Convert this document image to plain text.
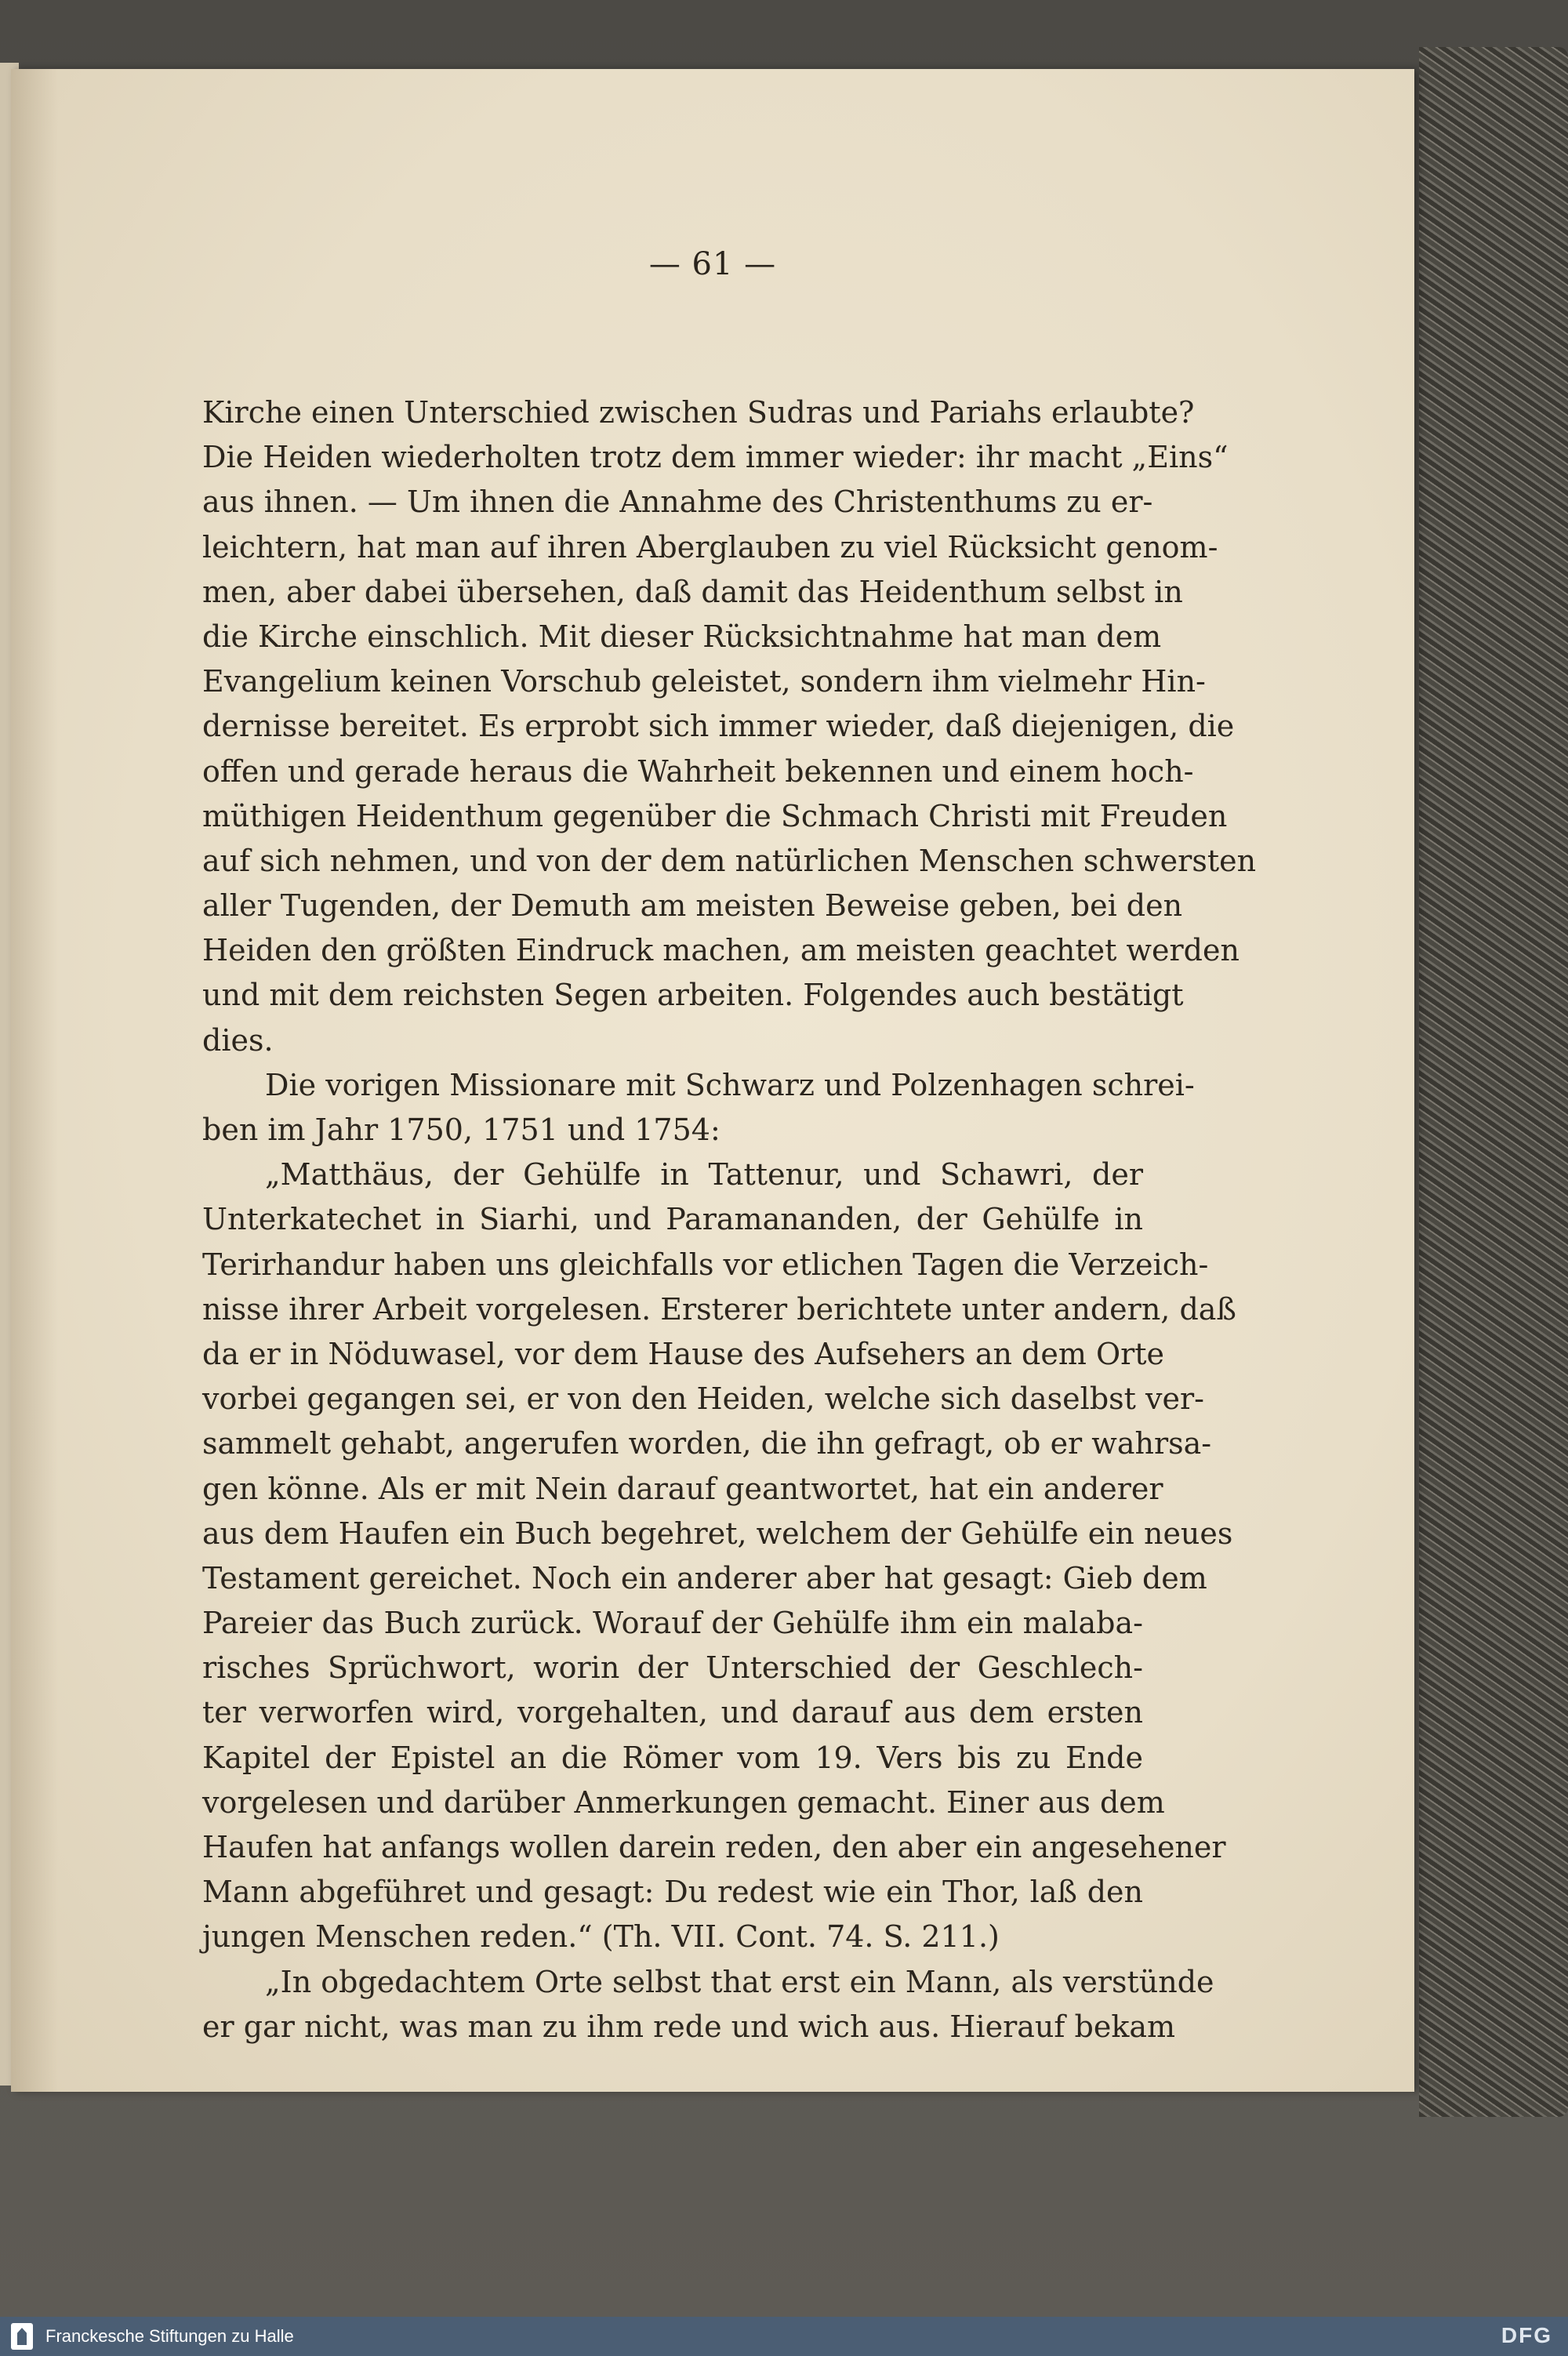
— 61 —
Kirche einen Unterschied zwischen Sudras und Pariahs erlaubte?
Die Heiden wiederholten trotz dem immer wieder: ihr macht „Eins“
aus ihnen. — Um ihnen die Annahme des Christenthums zu er-
leichtern, hat man auf ihren Aberglauben zu viel Rücksicht genom-
men, aber dabei übersehen, daß damit das Heidenthum selbst in
die Kirche einschlich. Mit dieser Rücksichtnahme hat man dem
Evangelium keinen Vorschub geleistet, sondern ihm vielmehr Hin-
dernisse bereitet. Es erprobt sich immer wieder, daß diejenigen, die
offen und gerade heraus die Wahrheit bekennen und einem hoch-
müthigen Heidenthum gegenüber die Schmach Christi mit Freuden
auf sich nehmen, und von der dem natürlichen Menschen schwersten
aller Tugenden, der Demuth am meisten Beweise geben, bei den
Heiden den größten Eindruck machen, am meisten geachtet werden
und mit dem reichsten Segen arbeiten. Folgendes auch bestätigt
dies.
Die vorigen Missionare mit Schwarz und Polzenhagen schrei-
ben im Jahr 1750, 1751 und 1754:
„Matthäus, der Gehülfe in Tattenur, und Schawri, der
Unterkatechet in Siarhi, und Paramananden, der Gehülfe in
Terirhandur haben uns gleichfalls vor etlichen Tagen die Verzeich-
nisse ihrer Arbeit vorgelesen. Ersterer berichtete unter andern, daß
da er in Nöduwasel, vor dem Hause des Aufsehers an dem Orte
vorbei gegangen sei, er von den Heiden, welche sich daselbst ver-
sammelt gehabt, angerufen worden, die ihn gefragt, ob er wahrsa-
gen könne. Als er mit Nein darauf geantwortet, hat ein anderer
aus dem Haufen ein Buch begehret, welchem der Gehülfe ein neues
Testament gereichet. Noch ein anderer aber hat gesagt: Gieb dem
Pareier das Buch zurück. Worauf der Gehülfe ihm ein malaba-
risches Sprüchwort, worin der Unterschied der Geschlech-
ter verworfen wird, vorgehalten, und darauf aus dem ersten
Kapitel der Epistel an die Römer vom 19. Vers bis zu Ende
vorgelesen und darüber Anmerkungen gemacht. Einer aus dem
Haufen hat anfangs wollen darein reden, den aber ein angesehener
Mann abgeführet und gesagt: Du redest wie ein Thor, laß den
jungen Menschen reden.“ (Th. VII. Cont. 74. S. 211.)
„In obgedachtem Orte selbst that erst ein Mann, als verstünde
er gar nicht, was man zu ihm rede und wich aus. Hierauf bekam
Franckesche Stiftungen zu Halle	DFG
